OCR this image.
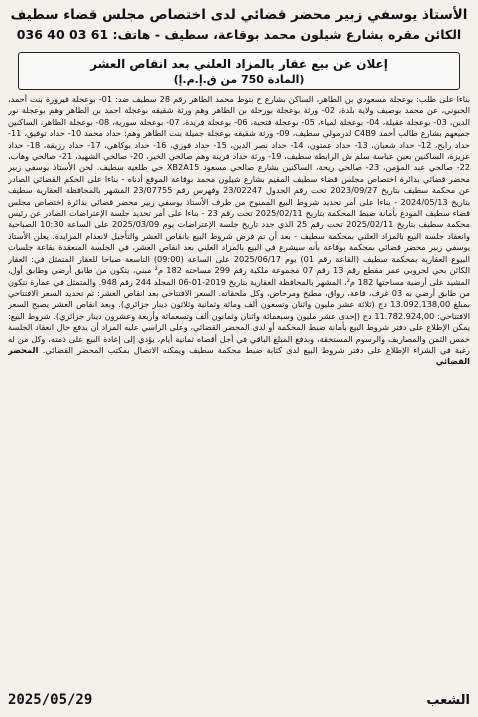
الأستاذ يوسفي زبير محضر قضائي لدى اختصاص مجلس قضاء سطيف
الكائن مقره بشارع شيلون محمد بوقاعة، سطيف - هاتف: 61 03 40 036
إعلان عن بيع عقار بالمزاد العلني بعد انقاص العشر
(المادة 750 من ق.إ.م.إ)
بناءا على طلب: بوعجلة مسعودي بن الطاهر، الساكن بشارع خ بتوط محمد الطاهر رقم 28 سطيف ضد: 01- بوعجلة فيروزة بنت أحمد، الحبوني، عن محمد بوصيف ولاية بلدة، 02- ورثة بوعجلة بوزحلة بن الطاهر وهم ورثة شقيقه بوعجلة احمد بن الطاهر وهم بوعجلة نور الدين، 03- بوعجلة عقيلة، 04- بوعجلة لمياء، 05- بوعجلة فتحية، 06- بوعجلة فريدة، 07- بوعجلة سورية، 08- بوعجلة الطاهر، الساكنين جميعهم بشارع طالب أحمد C4B9 لدرمولي سطيف، 09- ورثة شقيقه بوعجلة جميلة بنت الطاهر وهم: حداد محمد 10- حداد توفيق، 11- حداد رابح، 12- حداد شعبان، 13- حداد عمتون، 14- حداد نصر الدين، 15- حداد فوزي، 16- حداد بوكاهي، 17- حداد رزيقة، 18- حداد عزيزة، الساكنين بعين عباسة سلم ش الرابطة سطيف، 19- ورثة حداد فرينة وهم صالحي الخير، 20- صالحي الشهيد، 21- صالحي وهاب، 22- صالحي عبد المؤمن، 23- صالحي ريحة، الساكنين بشارع صالحي مسعود XB2A15 حي طلعية سطيف. لحن الأستاذ يوسفي زبير محضر قضائي بدائرة اختصاص مجلس قضاء سطيف المقيم بشارع شيلون محمد بوقاعة الموقع أدناه - بناءا على الحكم القضائي الصادر عن محكمة سطيف بتاريخ 2023/09/27 تحت رقم الجدول 23/02247 وفهرس رقم 23/07755 المشهر بالمحافظة العقارية سطيف بتاريخ 2024/05/13 - بناءا على أمر تحديد شروط البيع الممنوح من طرف الأستاذ يوسفي زبير محضر قضائي بدائرة اختصاص مجلس قضاء سطيف المودع بأمانة ضبط المحكمة بتاريخ 2025/02/11 تحت رقم 23 - بناءا على أمر تحديد جلسة الإعتراضات الصادر عن رئيس محكمة سطيف بتاريخ 2025/02/11 تحت رقم 25 الذي حدد تاريخ جلسة الإعتراضات يوم 2025/03/09 على الساعة 10:30 الصباحية وانعقاد جلسة البيع بالمزاد العلني بمحكمة سطيف - بعد أن تم فرض شروط البيع بانقاص العشر والتأجيل لانعدام المزايدة. يعلن الأستاذ يوسفي زبير محضر قضائي بمحكمة بوقاعة بأنه سيشرع في البيع بالمزاد العلني بعد انقاص العشر، في الجلسة المنعقدة بقاعة جلسات البيوع العقارية بمحكمة سطيف (القاعة رقم 01) يوم 2025/06/17 على الساعة (09:00) التاسعة صباحا للعقار المتمثل في: العقار الكائن بحي لحروبي عمر مقطع رقم 13 رقم 07 مجموعة ملكية رقم 299 مساحته 182 م² مبني، يتكون من طابق أرضي وطابق أول، المشيد على أرضية مساحتها 182 م²، المشهر بالمحافظة العقارية بتاريخ 2019-01-06 المجلد 244 رقم 948. والمتمثل في عمارة تتكون من طابق أرضي به 03 غرف، قاعة، رواق، مطبخ ومرحاض، وكل ملحقاته. السعر الافتتاحي بعد انقاص العشر: تم تحديد السعر الافتتاحي بمبلغ 13.092.138,00 دج (ثلاثة عشر مليون واثنان وتسعون ألف ومائة وثمانية وثلاثون دينار جزائري). وبعد انقاص العشر يصبح السعر الافتتاحي: 11.782.924,00 دج (إحدى عشر مليون وسبعمائة واثنان وثمانون ألف وتسعمائة وأربعة وعشرون دينار جزائري). شروط البيع: يمكن الإطلاع على دفتر شروط البيع بأمانة ضبط المحكمة أو لدى المحضر القضائي، وعلى الراسي عليه المزاد أن يدفع حال انعقاد الجلسة خمس الثمن والمصاريف والرسوم المستحقة، وبدفع المبلغ الباقي في أجل أقصاه ثمانية أيام، يؤدي إلى إعادة البيع على ذمته، وكل من له رغبة في الشراء الإطلاع على دفتر شروط البيع لدى كتابة ضبط محكمة سطيف ويمكنه الاتصال بمكتب المحضر القضائي. المحضر القضائي
الشعب
2025/05/29
